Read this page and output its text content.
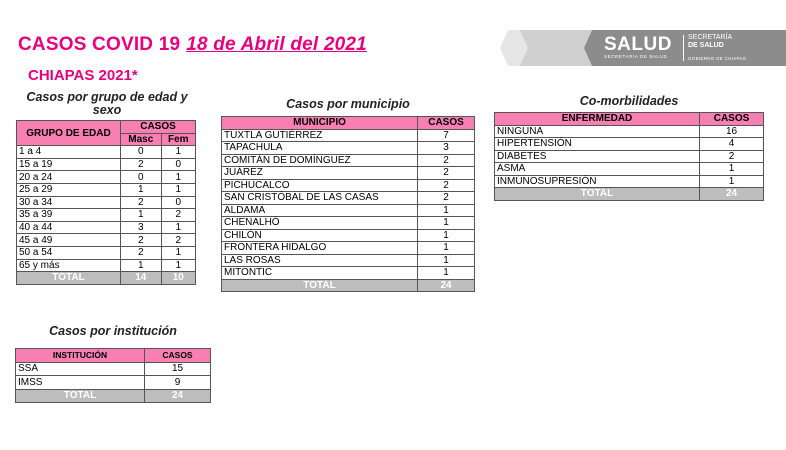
CASOS COVID 19 18 de Abril del 2021
CHIAPAS 2021*
SALUD
SECRETARÍA DE SALUD
SECRETARÍA
DE SALUD
GOBIERNO DE CHIAPAS
Casos por grupo de edad y sexo
GRUPO DE EDAD	CASOS	
	Masc	Fem
1 a 4	0	1
15 a 19	2	0
20 a 24	0	1
25 a 29	1	1
30 a 34	2	0
35 a 39	1	2
40 a 44	3	1
45 a 49	2	2
50 a 54	2	1
65 y más	1	1
TOTAL	14	10
Casos por municipio
MUNICIPIO	CASOS
TUXTLA GUTIÉRREZ	7
TAPACHULA	3
COMITÁN DE DOMÍNGUEZ	2
JUÁREZ	2
PICHUCALCO	2
SAN CRISTÓBAL DE LAS CASAS	2
ALDAMA	1
CHENALHÓ	1
CHILÓN	1
FRONTERA HIDALGO	1
LAS ROSAS	1
MITONTIC	1
TOTAL	24
Co-morbilidades
ENFERMEDAD	CASOS
NINGUNA	16
HIPERTENSIÓN	4
DIABETES	2
ASMA	1
INMUNOSUPRESIÓN	1
TOTAL	24
Casos por institución
INSTITUCIÓN	CASOS
SSA	15
IMSS	9
TOTAL	24
